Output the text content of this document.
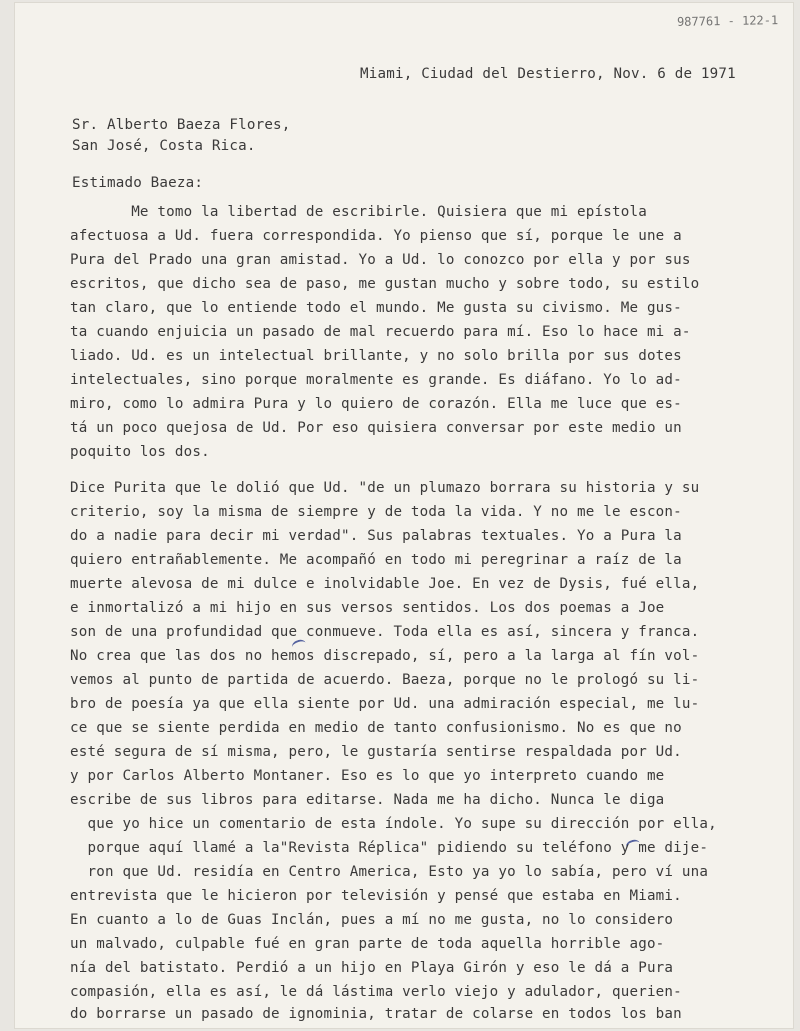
987761 - 122-1
Miami, Ciudad del Destierro, Nov. 6 de 1971
Sr. Alberto Baeza Flores,
San José, Costa Rica.
Estimado Baeza:
Me tomo la libertad de escribirle. Quisiera que mi epístola
afectuosa a Ud. fuera correspondida. Yo pienso que sí, porque le une a
Pura del Prado una gran amistad. Yo a Ud. lo conozco por ella y por sus
escritos, que dicho sea de paso, me gustan mucho y sobre todo, su estilo
tan claro, que lo entiende todo el mundo. Me gusta su civismo. Me gus-
ta cuando enjuicia un pasado de mal recuerdo para mí. Eso lo hace mi a-
liado. Ud. es un intelectual brillante, y no solo brilla por sus dotes
intelectuales, sino porque moralmente es grande. Es diáfano. Yo lo ad-
miro, como lo admira Pura y lo quiero de corazón. Ella me luce que es-
tá un poco quejosa de Ud. Por eso quisiera conversar por este medio un
poquito los dos.
Dice Purita que le dolió que Ud. "de un plumazo borrara su historia y su
criterio, soy la misma de siempre y de toda la vida. Y no me le escon-
do a nadie para decir mi verdad". Sus palabras textuales. Yo a Pura la
quiero entrañablemente. Me acompañó en todo mi peregrinar a raíz de la
muerte alevosa de mi dulce e inolvidable Joe. En vez de Dysis, fué ella,
e inmortalizó a mi hijo en sus versos sentidos. Los dos poemas a Joe
son de una profundidad que conmueve. Toda ella es así, sincera y franca.
No crea que las dos no hemos discrepado, sí, pero a la larga al fín vol-
vemos al punto de partida de acuerdo. Baeza, porque no le prologó su li-
bro de poesía ya que ella siente por Ud. una admiración especial, me lu-
ce que se siente perdida en medio de tanto confusionismo. No es que no
esté segura de sí misma, pero, le gustaría sentirse respaldada por Ud.
y por Carlos Alberto Montaner. Eso es lo que yo interpreto cuando me
escribe de sus libros para editarse. Nada me ha dicho. Nunca le diga
que yo hice un comentario de esta índole. Yo supe su dirección por ella,
porque aquí llamé a la"Revista Réplica" pidiendo su teléfono y me dije-
ron que Ud. residía en Centro America, Esto ya yo lo sabía, pero ví una
entrevista que le hicieron por televisión y pensé que estaba en Miami.
En cuanto a lo de Guas Inclán, pues a mí no me gusta, no lo considero
un malvado, culpable fué en gran parte de toda aquella horrible ago-
nía del batistato. Perdió a un hijo en Playa Girón y eso le dá a Pura
compasión, ella es así, le dá lástima verlo viejo y adulador, querien-
do borrarse un pasado de ignominia, tratar de colarse en todos los ban
